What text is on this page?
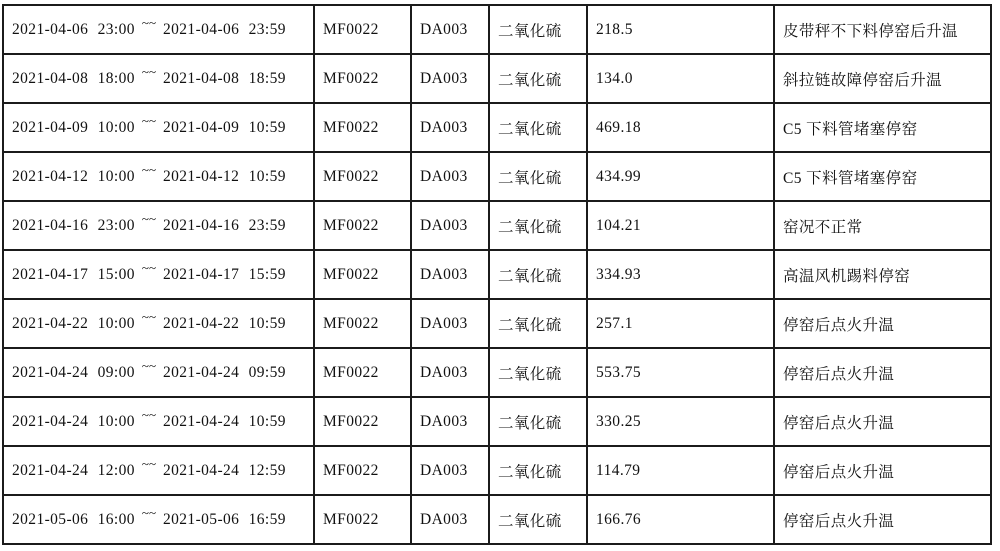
2021-04-06 23:00 ~~ 2021-04-06 23:59	MF0022	DA003	二氧化硫	218.5	皮带秤不下料停窑后升温
2021-04-08 18:00 ~~ 2021-04-08 18:59	MF0022	DA003	二氧化硫	134.0	斜拉链故障停窑后升温
2021-04-09 10:00 ~~ 2021-04-09 10:59	MF0022	DA003	二氧化硫	469.18	C5 下料管堵塞停窑
2021-04-12 10:00 ~~ 2021-04-12 10:59	MF0022	DA003	二氧化硫	434.99	C5 下料管堵塞停窑
2021-04-16 23:00 ~~ 2021-04-16 23:59	MF0022	DA003	二氧化硫	104.21	窑况不正常
2021-04-17 15:00 ~~ 2021-04-17 15:59	MF0022	DA003	二氧化硫	334.93	高温风机踢料停窑
2021-04-22 10:00 ~~ 2021-04-22 10:59	MF0022	DA003	二氧化硫	257.1	停窑后点火升温
2021-04-24 09:00 ~~ 2021-04-24 09:59	MF0022	DA003	二氧化硫	553.75	停窑后点火升温
2021-04-24 10:00 ~~ 2021-04-24 10:59	MF0022	DA003	二氧化硫	330.25	停窑后点火升温
2021-04-24 12:00 ~~ 2021-04-24 12:59	MF0022	DA003	二氧化硫	114.79	停窑后点火升温
2021-05-06 16:00 ~~ 2021-05-06 16:59	MF0022	DA003	二氧化硫	166.76	停窑后点火升温
